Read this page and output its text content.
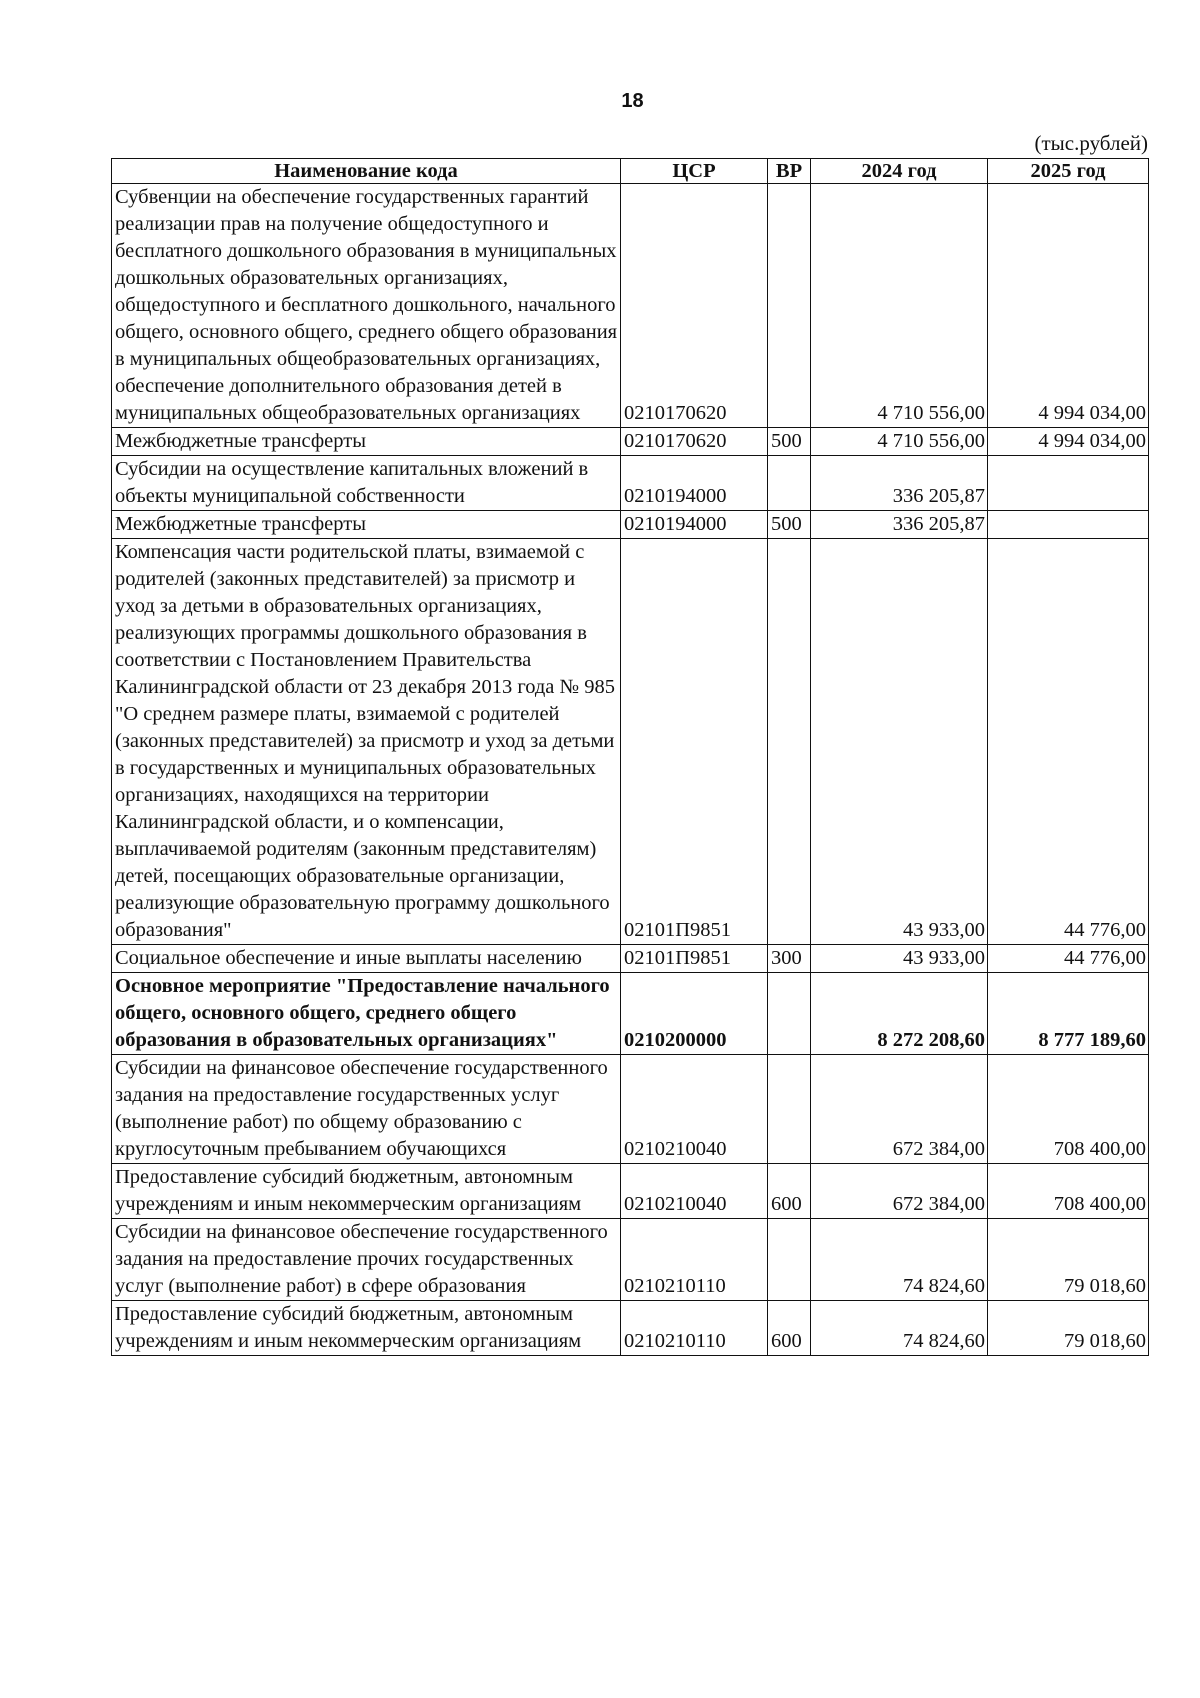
18
(тыс.рублей)
Наименование кода	ЦСР	ВР	2024 год	2025 год
Субвенции на обеспечение государственных гарантий реализации прав на получение общедоступного и бесплатного дошкольного образования в муниципальных дошкольных образовательных организациях, общедоступного и бесплатного дошкольного, начального общего, основного общего, среднего общего образования в муниципальных общеобразовательных организациях, обеспечение дополнительного образования детей в муниципальных общеобразовательных организациях	0210170620		4 710 556,00	4 994 034,00
Межбюджетные трансферты	0210170620	500	4 710 556,00	4 994 034,00
Субсидии на осуществление капитальных вложений в объекты муниципальной собственности	0210194000		336 205,87	
Межбюджетные трансферты	0210194000	500	336 205,87	
Компенсация части родительской платы, взимаемой с родителей (законных представителей) за присмотр и уход за детьми в образовательных организациях, реализующих программы дошкольного образования в соответствии с Постановлением Правительства Калининградской области от 23 декабря 2013 года № 985 "О среднем размере платы, взимаемой с родителей (законных представителей) за присмотр и уход за детьми в государственных и муниципальных образовательных организациях, находящихся на территории Калининградской области, и о компенсации, выплачиваемой родителям (законным представителям) детей, посещающих образовательные организации, реализующие образовательную программу дошкольного образования"	02101П9851		43 933,00	44 776,00
Социальное обеспечение и иные выплаты населению	02101П9851	300	43 933,00	44 776,00
Основное мероприятие "Предоставление начального общего, основного общего, среднего общего образования в образовательных организациях"	0210200000		8 272 208,60	8 777 189,60
Субсидии на финансовое обеспечение государственного задания на предоставление государственных услуг (выполнение работ) по общему образованию с круглосуточным пребыванием обучающихся	0210210040		672 384,00	708 400,00
Предоставление субсидий бюджетным, автономным учреждениям и иным некоммерческим организациям	0210210040	600	672 384,00	708 400,00
Субсидии на финансовое обеспечение государственного задания на предоставление прочих государственных услуг (выполнение работ) в сфере образования	0210210110		74 824,60	79 018,60
Предоставление субсидий бюджетным, автономным учреждениям и иным некоммерческим организациям	0210210110	600	74 824,60	79 018,60
